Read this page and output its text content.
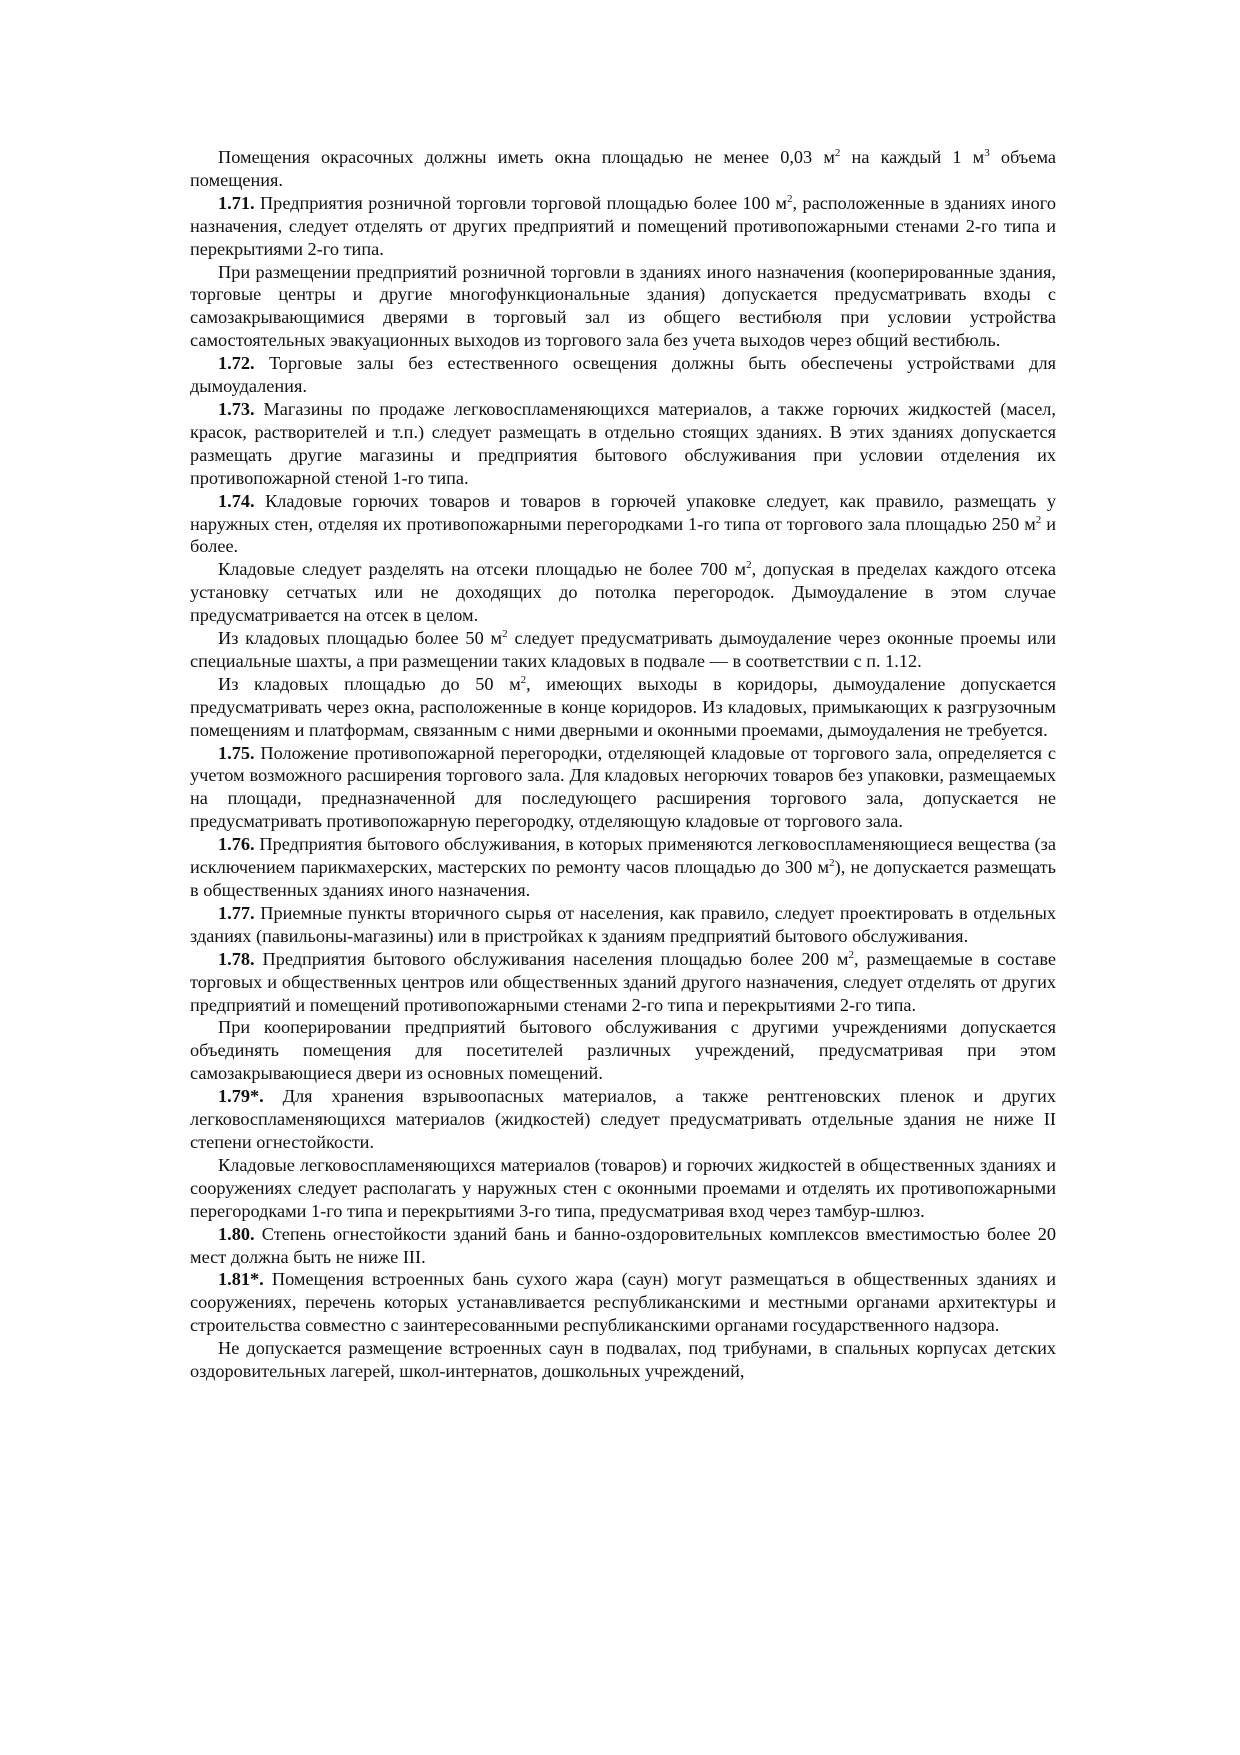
Помещения окрасочных должны иметь окна площадью не менее 0,03 $м^2$ на каждый 1 $м^3$ объема помещения.

1.71. Предприятия розничной торговли торговой площадью более 100 $м^2$, расположенные в зданиях иного назначения, следует отделять от других предприятий и помещений противопожарными стенами 2-го типа и перекрытиями 2-го типа.

При размещении предприятий розничной торговли в зданиях иного назначения (кооперированные здания, торговые центры и другие многофункциональные здания) допускается предусматривать входы с самозакрывающимися дверями в торговый зал из общего вестибюля при условии устройства самостоятельных эвакуационных выходов из торгового зала без учета выходов через общий вестибюль.

1.72. Торговые залы без естественного освещения должны быть обеспечены устройствами для дымоудаления.

1.73. Магазины по продаже легковоспламеняющихся материалов, а также горючих жидкостей (масел, красок, растворителей и т.п.) следует размещать в отдельно стоящих зданиях. В этих зданиях допускается размещать другие магазины и предприятия бытового обслуживания при условии отделения их противопожарной стеной 1-го типа.

1.74. Кладовые горючих товаров и товаров в горючей упаковке следует, как правило, размещать у наружных стен, отделяя их противопожарными перегородками 1-го типа от торгового зала площадью 250 $м^2$ и более.

Кладовые следует разделять на отсеки площадью не более 700 $м^2$, допуская в пределах каждого отсека установку сетчатых или не доходящих до потолка перегородок. Дымоудаление в этом случае предусматривается на отсек в целом.

Из кладовых площадью более 50 $м^2$ следует предусматривать дымоудаление через оконные проемы или специальные шахты, а при размещении таких кладовых в подвале — в соответствии с п. 1.12.

Из кладовых площадью до 50 $м^2$, имеющих выходы в коридоры, дымоудаление допускается предусматривать через окна, расположенные в конце коридоров. Из кладовых, примыкающих к разгрузочным помещениям и платформам, связанным с ними дверными и оконными проемами, дымоудаления не требуется.

1.75. Положение противопожарной перегородки, отделяющей кладовые от торгового зала, определяется с учетом возможного расширения торгового зала. Для кладовых негорючих товаров без упаковки, размещаемых на площади, предназначенной для последующего расширения торгового зала, допускается не предусматривать противопожарную перегородку, отделяющую кладовые от торгового зала.

1.76. Предприятия бытового обслуживания, в которых применяются легковоспламеняющиеся вещества (за исключением парикмахерских, мастерских по ремонту часов площадью до 300 $м^2$), не допускается размещать в общественных зданиях иного назначения.

1.77. Приемные пункты вторичного сырья от населения, как правило, следует проектировать в отдельных зданиях (павильоны-магазины) или в пристройках к зданиям предприятий бытового обслуживания.

1.78. Предприятия бытового обслуживания населения площадью более 200 $м^2$, размещаемые в составе торговых и общественных центров или общественных зданий другого назначения, следует отделять от других предприятий и помещений противопожарными стенами 2-го типа и перекрытиями 2-го типа.

При кооперировании предприятий бытового обслуживания с другими учреждениями допускается объединять помещения для посетителей различных учреждений, предусматривая при этом самозакрывающиеся двери из основных помещений.

1.79*. Для хранения взрывоопасных материалов, а также рентгеновских пленок и других легковоспламеняющихся материалов (жидкостей) следует предусматривать отдельные здания не ниже II степени огнестойкости.

Кладовые легковоспламеняющихся материалов (товаров) и горючих жидкостей в общественных зданиях и сооружениях следует располагать у наружных стен с оконными проемами и отделять их противопожарными перегородками 1-го типа и перекрытиями 3-го типа, предусматривая вход через тамбур-шлюз.

1.80. Степень огнестойкости зданий бань и банно-оздоровительных комплексов вместимостью более 20 мест должна быть не ниже III.

1.81*. Помещения встроенных бань сухого жара (саун) могут размещаться в общественных зданиях и сооружениях, перечень которых устанавливается республиканскими и местными органами архитектуры и строительства совместно с заинтересованными республиканскими органами государственного надзора.

Не допускается размещение встроенных саун в подвалах, под трибунами, в спальных корпусах детских оздоровительных лагерей, школ-интернатов, дошкольных учреждений,
